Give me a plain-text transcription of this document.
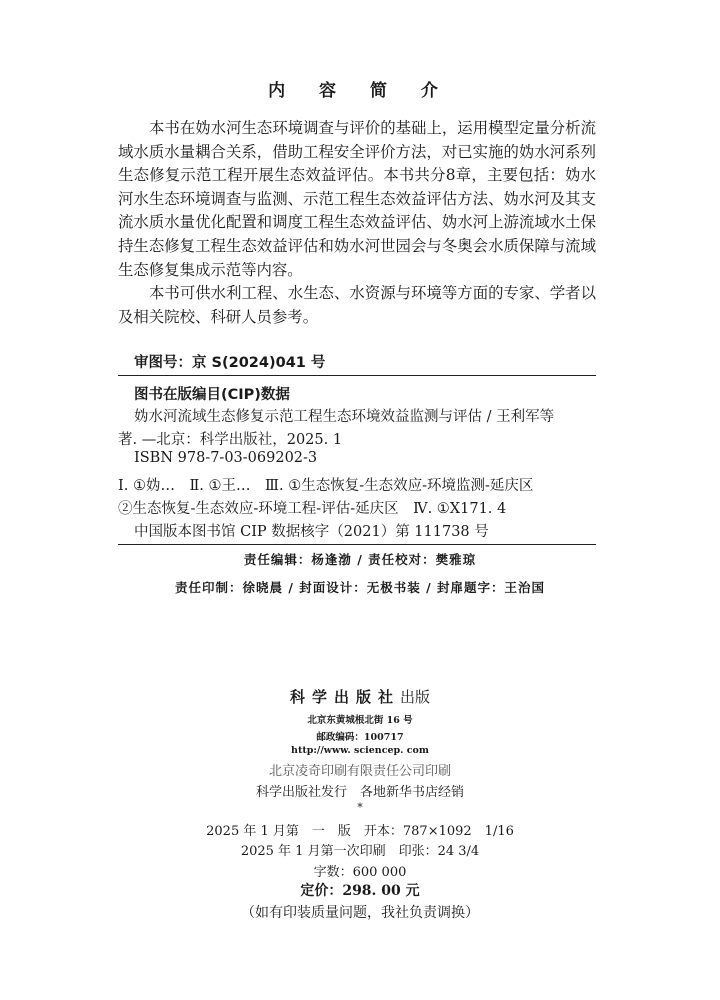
内 容 简 介

本书在妫水河生态环境调查与评价的基础上，运用模型定量分析流域水质水量耦合关系，借助工程安全评价方法，对已实施的妫水河系列生态修复示范工程开展生态效益评估。本书共分8章，主要包括：妫水河水生态环境调查与监测、示范工程生态效益评估方法、妫水河及其支流水质水量优化配置和调度工程生态效益评估、妫水河上游流域水土保持生态修复工程生态效益评估和妫水河世园会与冬奥会水质保障与流域生态修复集成示范等内容。

本书可供水利工程、水生态、水资源与环境等方面的专家、学者以及相关院校、科研人员参考。

审图号：京 S(2024)041 号
图书在版编目(CIP)数据
妫水河流域生态修复示范工程生态环境效益监测与评估 / 王利军等
著. —北京：科学出版社，2025. 1
ISBN 978-7-03-069202-3
Ⅰ. ①妫…　Ⅱ. ①王…　Ⅲ. ①生态恢复-生态效应-环境监测-延庆区
②生态恢复-生态效应-环境工程-评估-延庆区　Ⅳ. ①X171. 4
中国版本图书馆 CIP 数据核字（2021）第 111738 号
责任编辑：杨逢渤 / 责任校对：樊雅琼
责任印制：徐晓晨 / 封面设计：无极书装 / 封扉题字：王治国
科学出版社出版
北京东黄城根北街 16 号
邮政编码：100717
http://www. sciencep. com
北京凌奇印刷有限责任公司印刷
科学出版社发行　各地新华书店经销
*
2025 年 1 月第　一　版　开本：787×1092　1/16
2025 年 1 月第一次印刷　印张：24 3/4
字数：600 000
定价：298. 00 元
（如有印装质量问题，我社负责调换）
